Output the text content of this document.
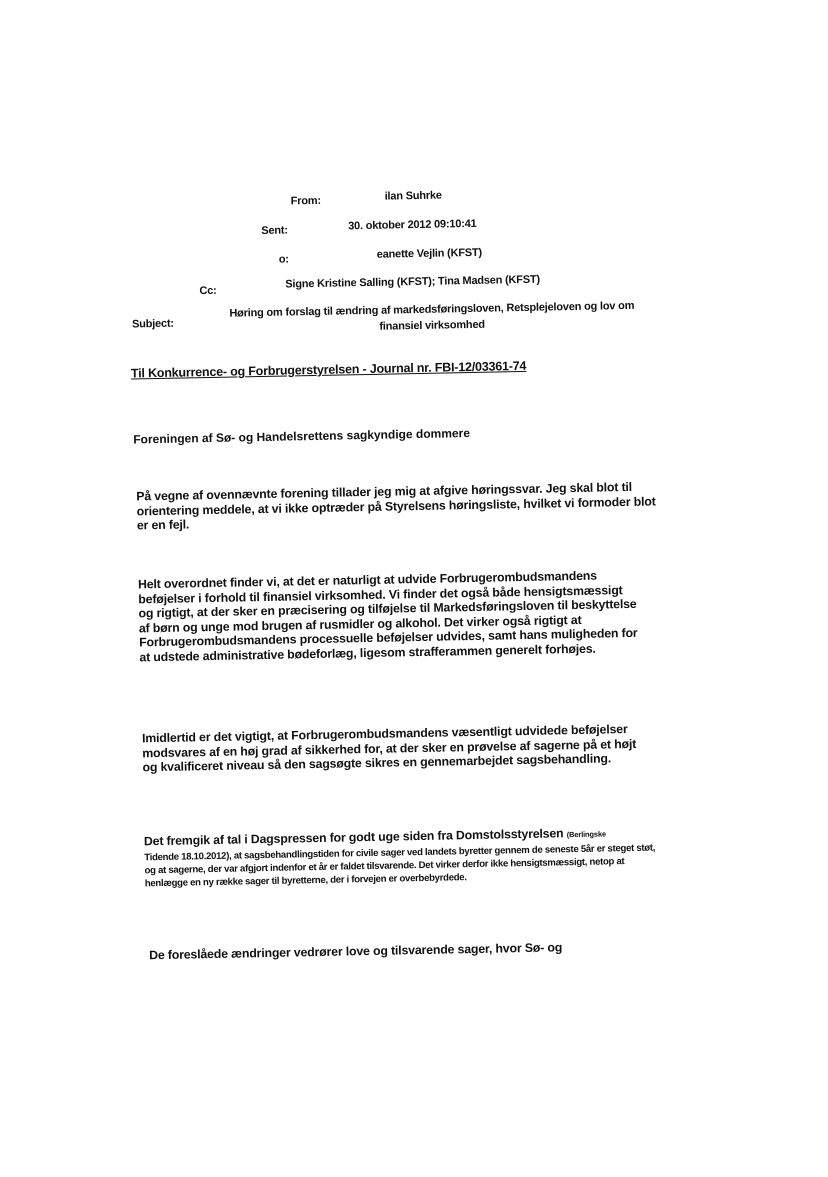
From:	ilan Suhrke
Sent:	30. oktober 2012 09:10:41
o:	eanette Vejlin (KFST)
Cc:
Signe Kristine Salling (KFST); Tina Madsen (KFST)
Subject:
Høring om forslag til ændring af markedsføringsloven, Retsplejeloven og lov om
finansiel virksomhed
Til Konkurrence- og Forbrugerstyrelsen - Journal nr. FBI-12/03361-74
Foreningen af Sø- og Handelsrettens sagkyndige dommere
På vegne af ovennævnte forening tillader jeg mig at afgive høringssvar. Jeg skal blot til orientering meddele, at vi ikke optræder på Styrelsens høringsliste, hvilket vi formoder blot er en fejl.
Helt overordnet finder vi, at det er naturligt at udvide Forbrugerombudsmandens beføjelser i forhold til finansiel virksomhed. Vi finder det også både hensigtsmæssigt og rigtigt, at der sker en præcisering og tilføjelse til Markedsføringsloven til beskyttelse af børn og unge mod brugen af rusmidler og alkohol. Det virker også rigtigt at Forbrugerombudsmandens processuelle beføjelser udvides, samt hans muligheden for at udstede administrative bødeforlæg, ligesom strafferammen generelt forhøjes.
Imidlertid er det vigtigt, at Forbrugerombudsmandens væsentligt udvidede beføjelser modsvares af en høj grad af sikkerhed for, at der sker en prøvelse af sagerne på et højt og kvalificeret niveau så den sagsøgte sikres en gennemarbejdet sagsbehandling.
Det fremgik af tal i Dagspressen for godt uge siden fra Domstolsstyrelsen (Berlingske
Tidende 18.10.2012), at sagsbehandlingstiden for civile sager ved landets byretter gennem de seneste 5år er steget støt, og at sagerne, der var afgjort indenfor et år er faldet tilsvarende. Det virker derfor ikke hensigtsmæssigt, netop at henlægge en ny række sager til byretterne, der i forvejen er overbebyrdede.
De foreslåede ændringer vedrører love og tilsvarende sager, hvor Sø- og
